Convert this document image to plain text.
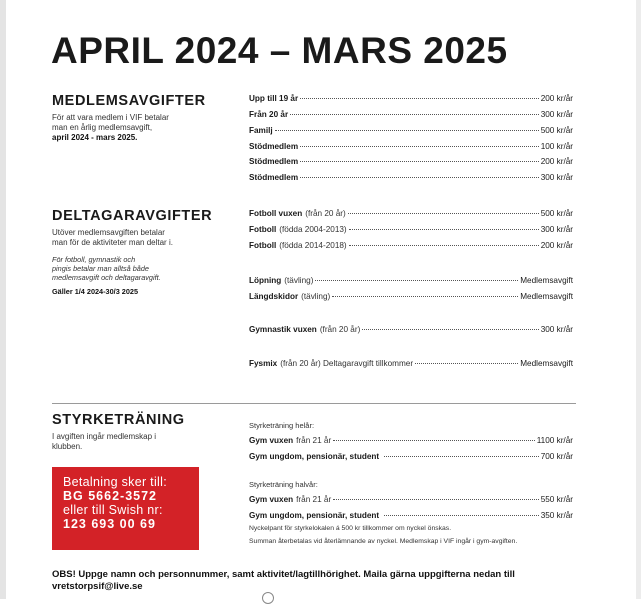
APRIL 2024 – MARS 2025
MEDLEMSAVGIFTER
För att vara medlem i VIF betalar
man en årlig medlemsavgift,
april 2024 - mars 2025.
Upp till 19 år	200 kr/år
Från 20 år	300 kr/år
Familj	500 kr/år
Stödmedlem	100 kr/år
Stödmedlem	200 kr/år
Stödmedlem	300 kr/år
DELTAGARAVGIFTER
Utöver medlemsavgiften betalar
man för de aktiviteter man deltar i.
För fotboll, gymnastik och
pingis betalar man alltså både
medlemsavgift och deltagaravgift.
Gäller 1/4 2024-30/3 2025
Fotboll vuxen (från 20 år)	500 kr/år
Fotboll (födda 2004-2013)	300 kr/år
Fotboll (födda 2014-2018)	200 kr/år
Löpning (tävling)	Medlemsavgift
Längdskidor (tävling)	Medlemsavgift
Gymnastik vuxen (från 20 år)	300 kr/år
Fysmix (från 20 år) Deltagaravgift tillkommer	Medlemsavgift
STYRKETRÄNING
I avgiften ingår medlemskap i
klubben.
Styrketräning helår:
Gym vuxen från 21 år	1100 kr/år
Gym ungdom, pensionär, student	700 kr/år
Styrketräning halvår:
Gym vuxen från 21 år	550 kr/år
Gym ungdom, pensionär, student	350 kr/år
Nyckelpant för styrkelokalen á 500 kr tillkommer om nyckel önskas.
Summan återbetalas vid återlämnande av nyckel. Medlemskap i VIF ingår i gym-avgiften.
Betalning sker till:
BG 5662-3572
eller till Swish nr:
123 693 00 69
OBS! Uppge namn och personnummer, samt aktivitet/lagtillhörighet. Maila gärna uppgifterna nedan till vretstorpsif@live.se
